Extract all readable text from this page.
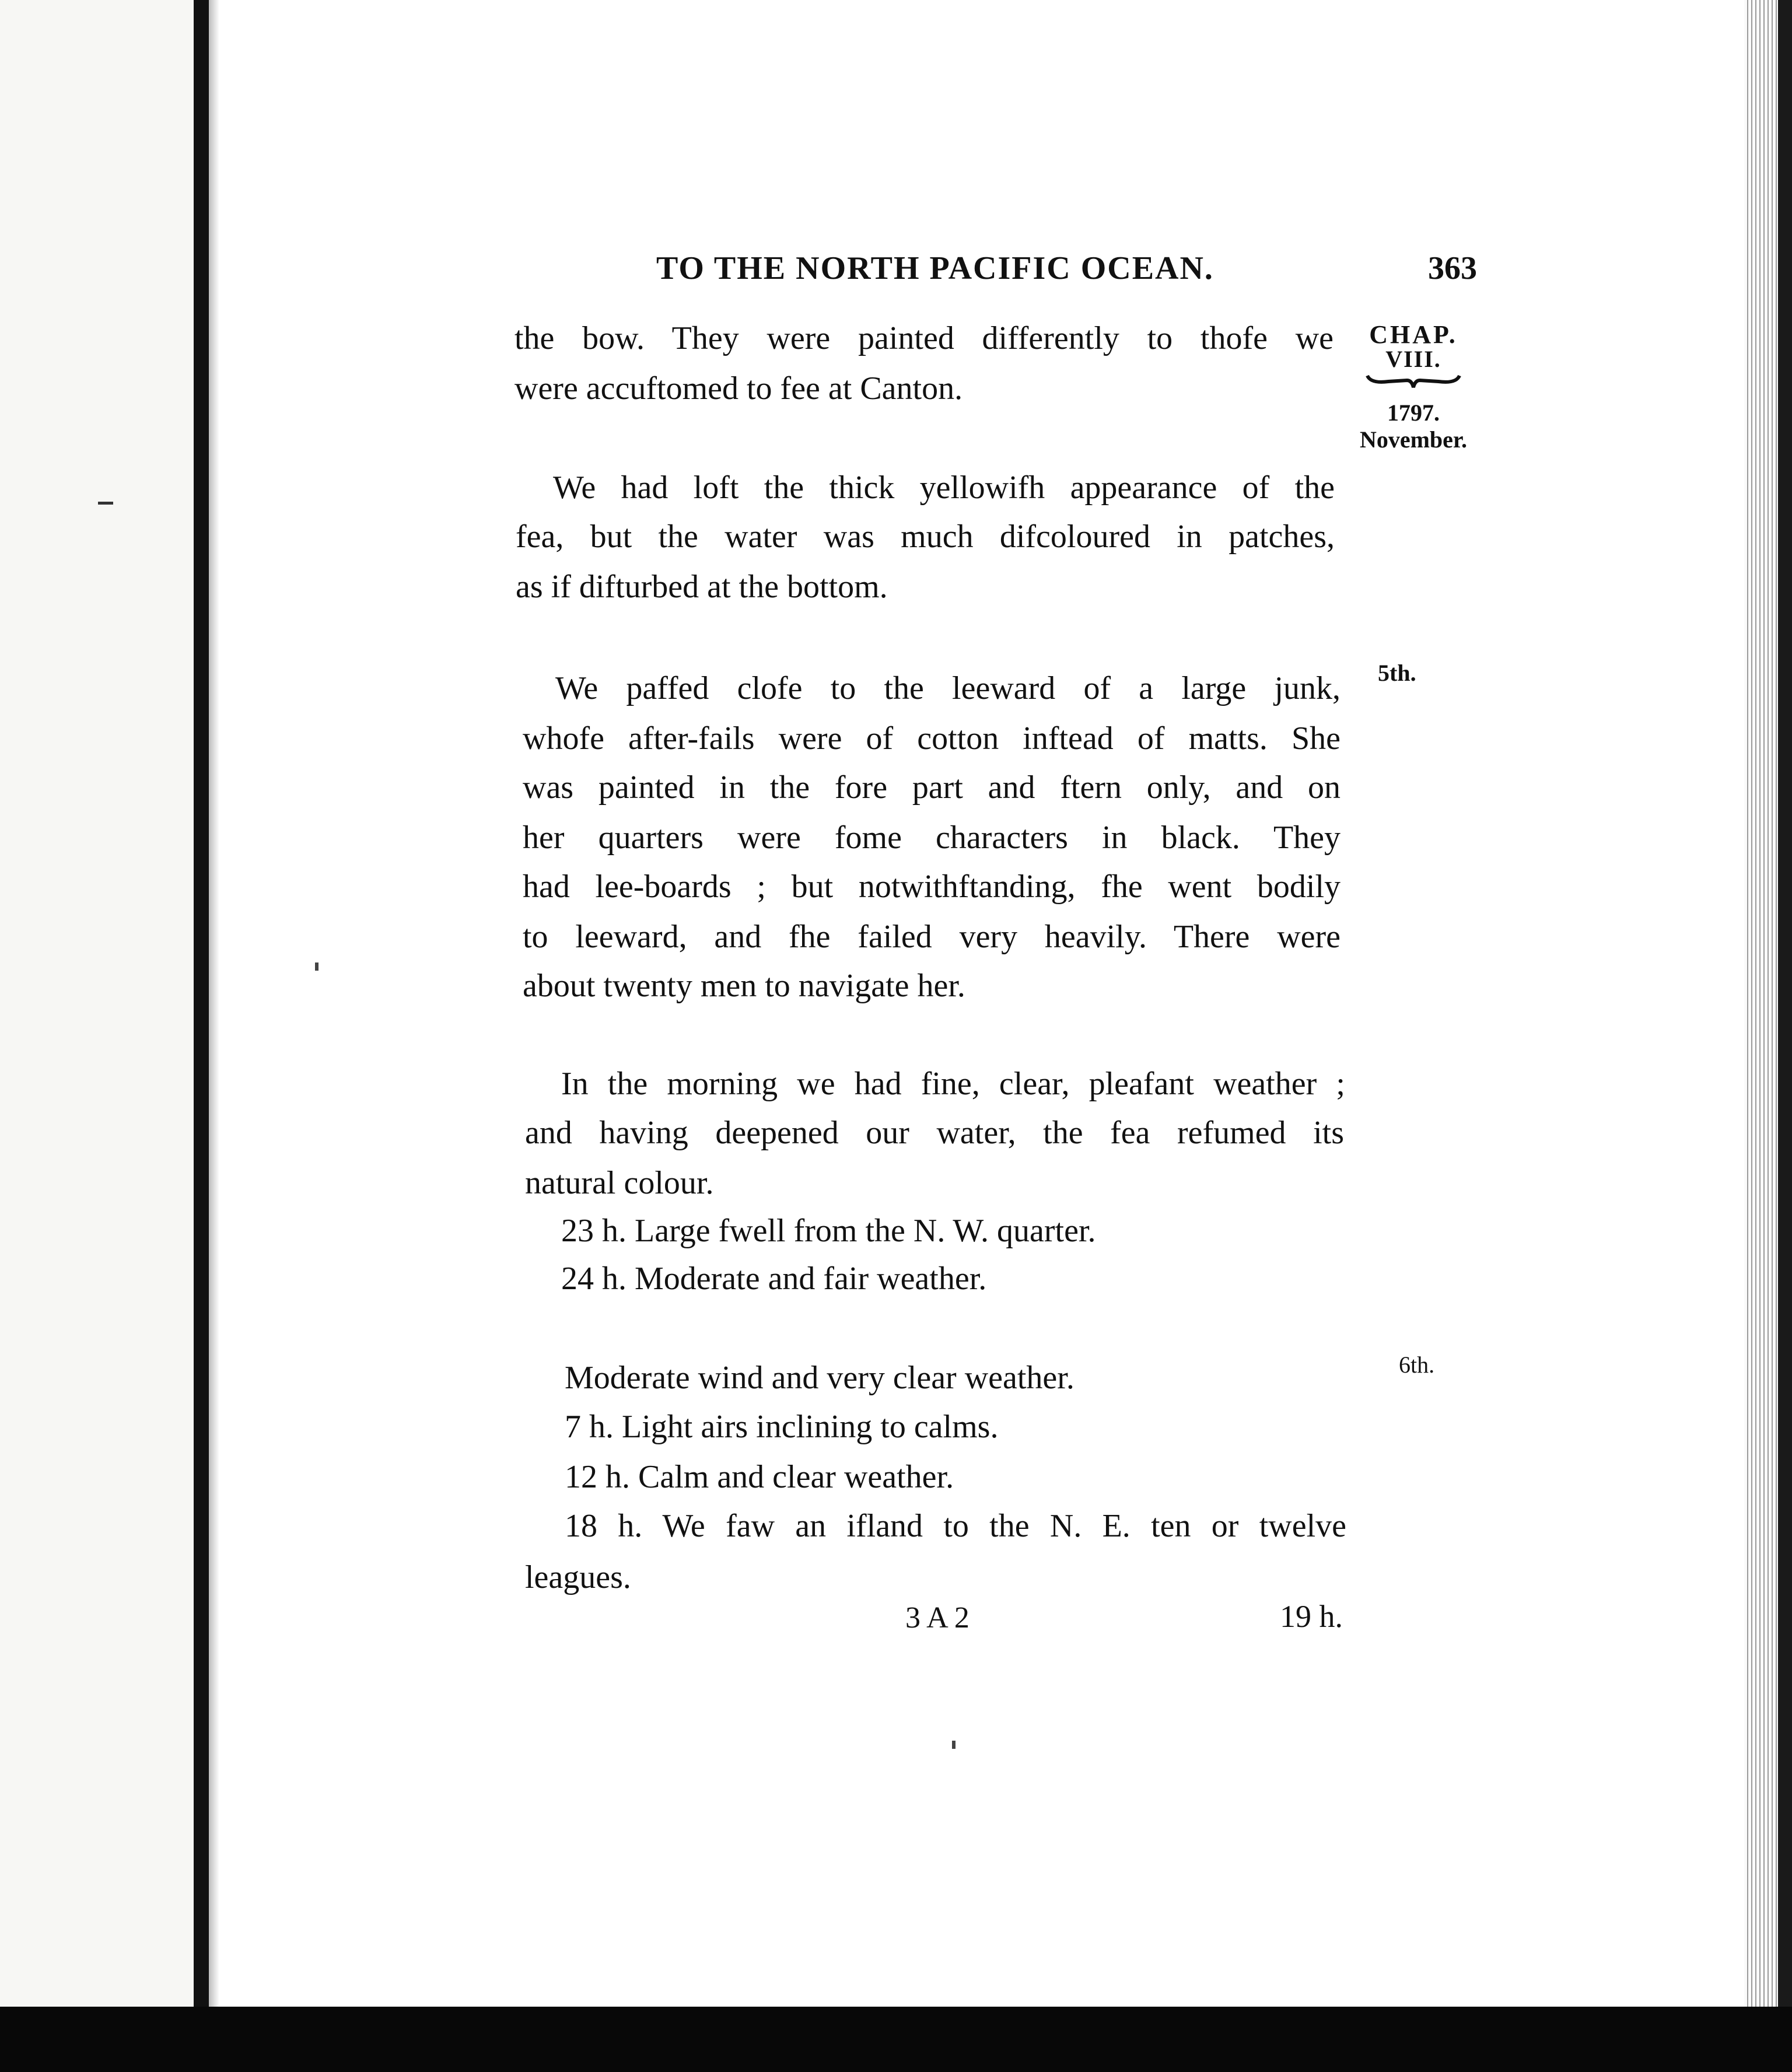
TO THE NORTH PACIFIC OCEAN.	363
CHAP.
VIII.
1797.
November.
5th.
6th.
the bow. They were painted differently to thofe we
were accuftomed to fee at Canton.
We had loft the thick yellowifh appearance of the
fea, but the water was much difcoloured in patches,
as if difturbed at the bottom.
We paffed clofe to the leeward of a large junk,
whofe after-fails were of cotton inftead of matts. She
was painted in the fore part and ftern only, and on
her quarters were fome characters in black. They
had lee-boards ; but notwithftanding, fhe went bodily
to leeward, and fhe failed very heavily. There were
about twenty men to navigate her.
In the morning we had fine, clear, pleafant weather ;
and having deepened our water, the fea refumed its
natural colour.
23 h. Large fwell from the N. W. quarter.
24 h. Moderate and fair weather.
Moderate wind and very clear weather.
7 h. Light airs inclining to calms.
12 h. Calm and clear weather.
18 h. We faw an ifland to the N. E. ten or twelve
leagues.
3 A 2	19 h.
